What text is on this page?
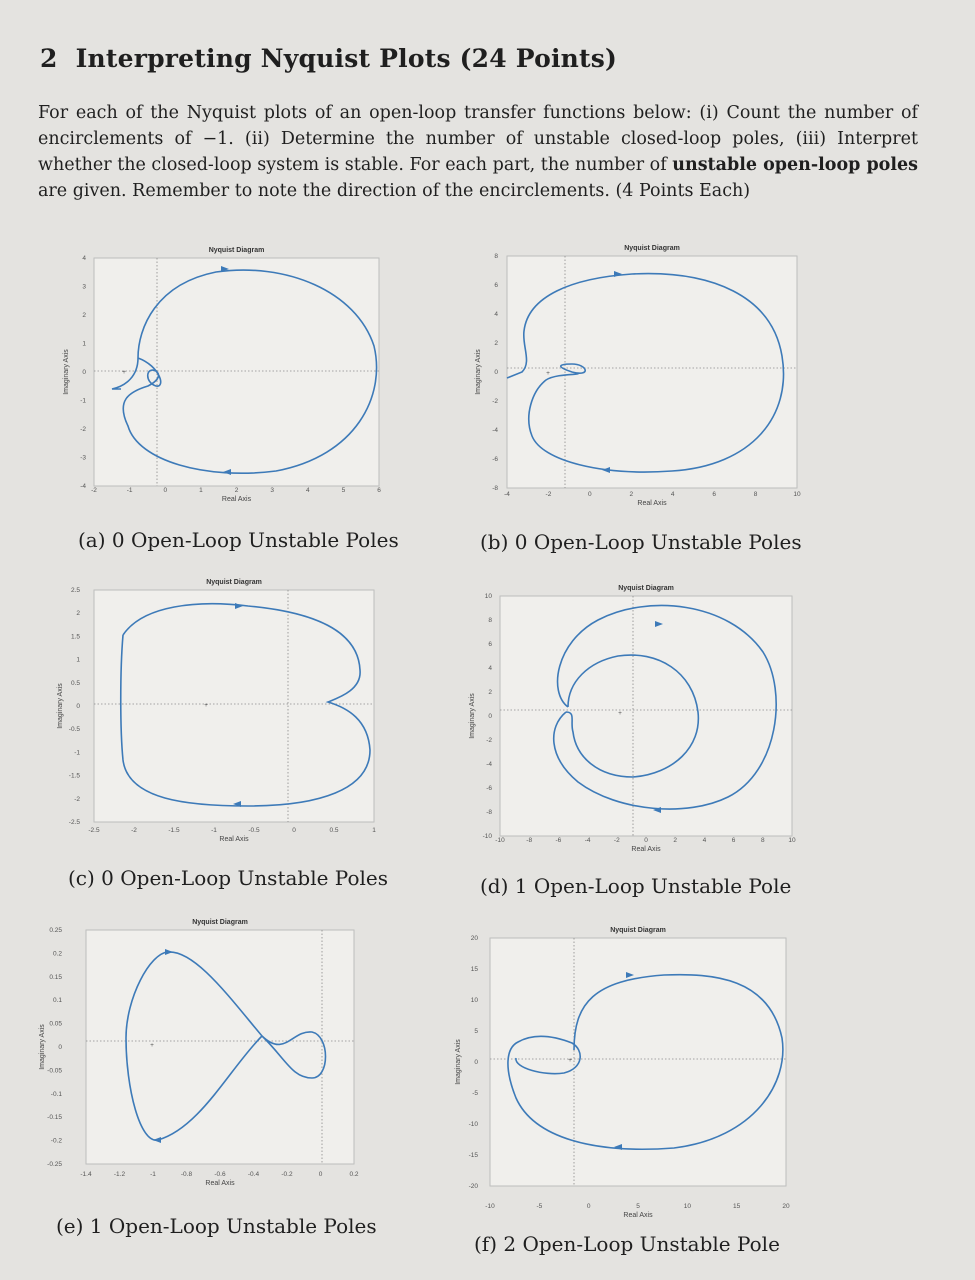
2 Interpreting Nyquist Plots (24 Points)
For each of the Nyquist plots of an open-loop transfer functions below: (i) Count the number of encirclements of −1. (ii) Determine the number of unstable closed-loop poles, (iii) Interpret whether the closed-loop system is stable. For each part, the number of unstable open-loop poles are given. Remember to note the direction of the encirclements. (4 Points Each)
Nyquist Diagram
-2	-1	0	1	2	3	4	5	6
4
3
2
1
0
-1
-2
-3
-4
Real Axis
Imaginary Axis	+
(a) 0 Open-Loop Unstable Poles
Nyquist Diagram
-4	-2	0	2	4	6	8	10
8
6
4
2
0
-2
-4
-6
-8
Real Axis
Imaginary Axis	+
(b) 0 Open-Loop Unstable Poles
Nyquist Diagram
-2.5	-2	-1.5	-1	-0.5	0	0.5	1
2.5
2
1.5
1
0.5
0
-0.5
-1
-1.5
-2
-2.5
Real Axis
Imaginary Axis	+
(c) 0 Open-Loop Unstable Poles
Nyquist Diagram
-10	-8	-6	-4	-2	0	2	4	6	8	10
10
8
6
4
2
0
-2
-4
-6
-8
-10
Real Axis
Imaginary Axis	+
(d) 1 Open-Loop Unstable Pole
Nyquist Diagram
-1.4	-1.2	-1	-0.8	-0.6	-0.4	-0.2	0	0.2
0.25
0.2
0.15
0.1
0.05
0
-0.05
-0.1
-0.15
-0.2
-0.25
Real Axis
Imaginary Axis	+
(e) 1 Open-Loop Unstable Poles
Nyquist Diagram
-10	-5	0	5	10	15	20
20
15
10
5
0
-5
-10
-15
-20
Real Axis
Imaginary Axis	+
(f) 2 Open-Loop Unstable Pole
